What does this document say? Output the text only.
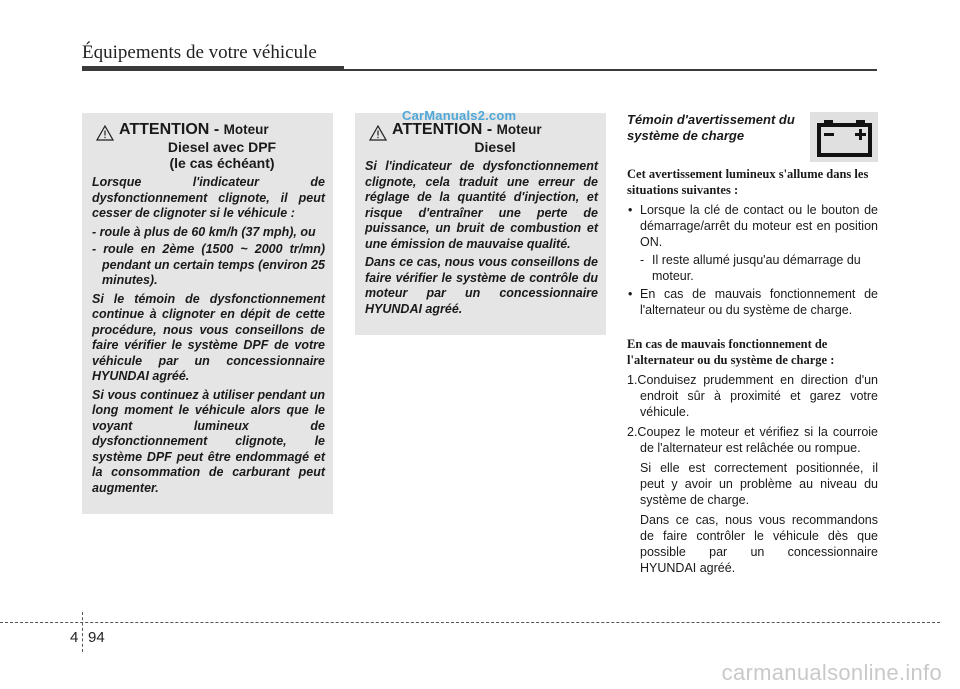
Équipements de votre véhicule
ATTENTION - Moteur
Diesel avec DPF
(le cas échéant)

Lorsque l'indicateur de dysfonctionnement clignote, il peut cesser de clignoter si le véhicule :

- roule à plus de 60 km/h (37 mph), ou
- roule en 2ème (1500 ~ 2000 tr/mn) pendant un certain temps (environ 25 minutes).

Si le témoin de dysfonctionnement continue à clignoter en dépit de cette procédure, nous vous conseillons de faire vérifier le système DPF de votre véhicule par un concessionnaire HYUNDAI agréé.

Si vous continuez à utiliser pendant un long moment le véhicule alors que le voyant lumineux de dysfonctionnement clignote, le système DPF peut être endommagé et la consommation de carburant peut augmenter.

ATTENTION - Moteur
Diesel

Si l'indicateur de dysfonctionnement clignote, cela traduit une erreur de réglage de la quantité d'injection, et risque d'entraîner une perte de puissance, un bruit de combustion et une émission de mauvaise qualité.

Dans ce cas, nous vous conseillons de faire vérifier le système de contrôle du moteur par un concessionnaire HYUNDAI agréé.

CarManuals2.com	Témoin d'avertissement du système de charge
Cet avertissement lumineux s'allume dans les situations suivantes :
• Lorsque la clé de contact ou le bouton de démarrage/arrêt du moteur est en position ON.
- Il reste allumé jusqu'au démarrage du moteur.
• En cas de mauvais fonctionnement de l'alternateur ou du système de charge.
En cas de mauvais fonctionnement de l'alternateur ou du système de charge :
1.Conduisez prudemment en direction d'un endroit sûr à proximité et garez votre véhicule.
2.Coupez le moteur et vérifiez si la courroie de l'alternateur est relâchée ou rompue.
Si elle est correctement positionnée, il peut y avoir un problème au niveau du système de charge.
Dans ce cas, nous vous recommandons de faire contrôler le véhicule dès que possible par un concessionnaire HYUNDAI agréé.
4 94
carmanualsonline.info
